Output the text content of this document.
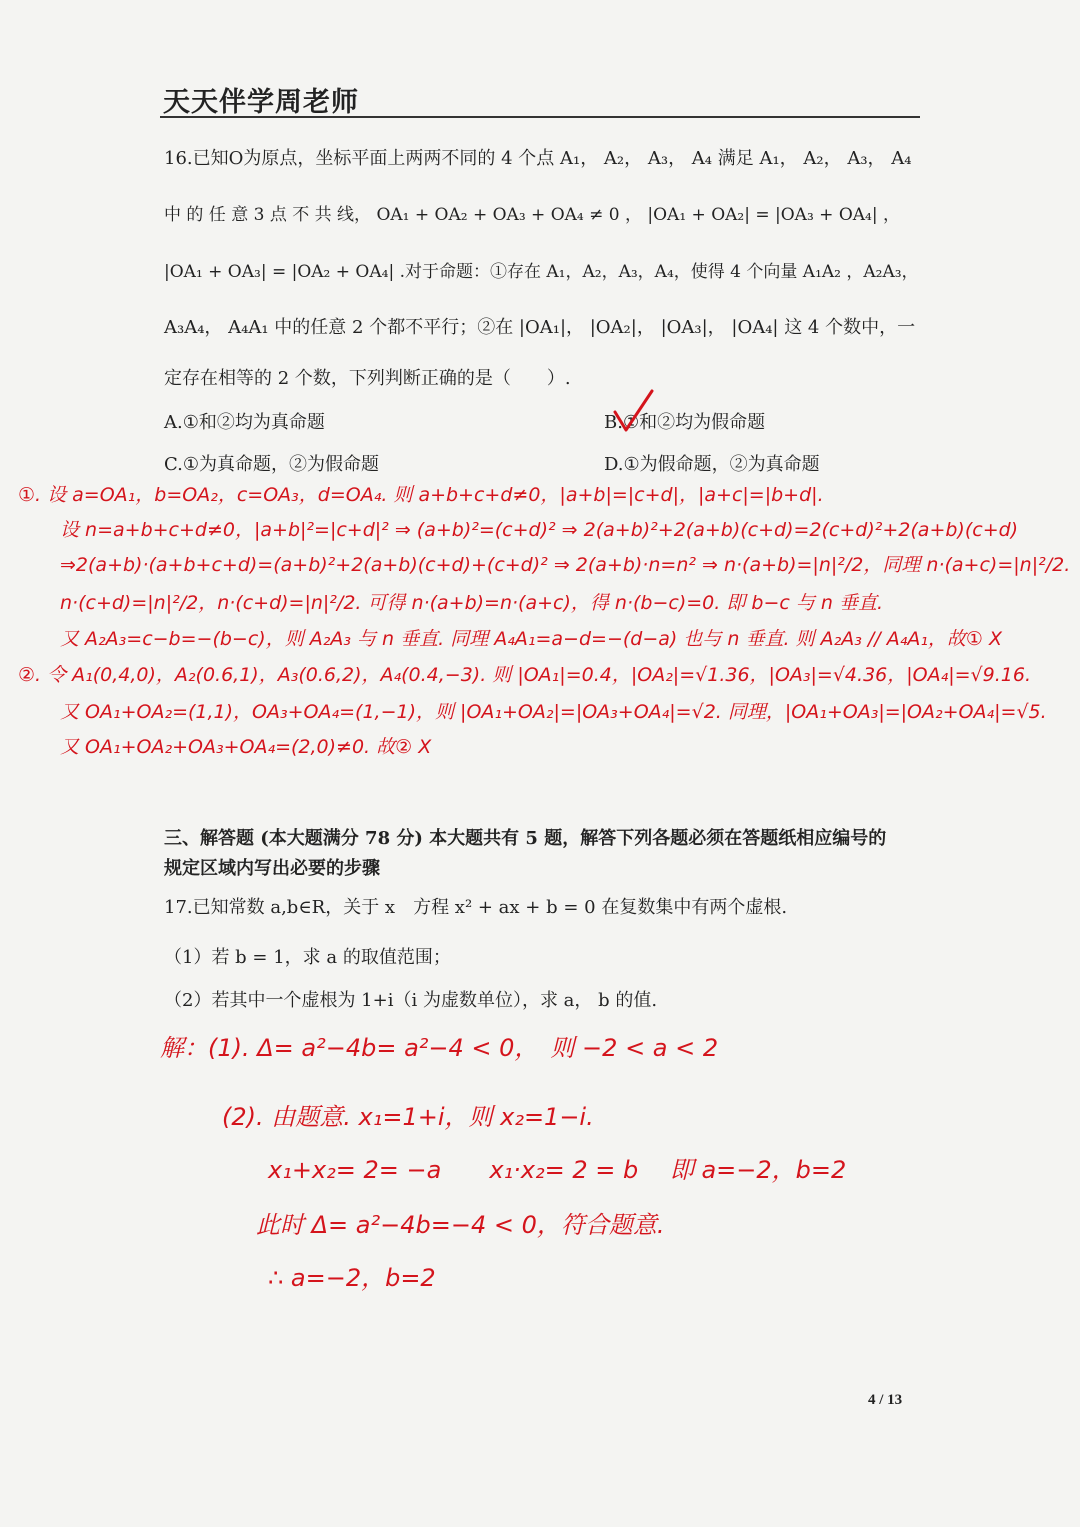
天天伴学周老师
16.已知O为原点，坐标平面上两两不同的 4 个点 A₁， A₂， A₃， A₄ 满足 A₁， A₂， A₃， A₄
中 的 任 意 3 点 不 共 线， OA₁ + OA₂ + OA₃ + OA₄ ≠ 0 ， |OA₁ + OA₂| = |OA₃ + OA₄| ，
|OA₁ + OA₃| = |OA₂ + OA₄| .对于命题：①存在 A₁，A₂，A₃，A₄，使得 4 个向量 A₁A₂ ，A₂A₃，
A₃A₄， A₄A₁ 中的任意 2 个都不平行；②在 |OA₁|， |OA₂|， |OA₃|， |OA₄| 这 4 个数中，一
定存在相等的 2 个数，下列判断正确的是（　　）.
A.①和②均为真命题	B.①和②均为假命题
C.①为真命题，②为假命题	D.①为假命题，②为真命题
①. 设 a=OA₁，b=OA₂，c=OA₃，d=OA₄. 则 a+b+c+d≠0，|a+b|=|c+d|，|a+c|=|b+d|.
设 n=a+b+c+d≠0，|a+b|²=|c+d|² ⇒ (a+b)²=(c+d)² ⇒ 2(a+b)²+2(a+b)(c+d)=2(c+d)²+2(a+b)(c+d)
⇒2(a+b)·(a+b+c+d)=(a+b)²+2(a+b)(c+d)+(c+d)² ⇒ 2(a+b)·n=n² ⇒ n·(a+b)=|n|²/2，同理 n·(a+c)=|n|²/2.
n·(c+d)=|n|²/2，n·(c+d)=|n|²/2. 可得 n·(a+b)=n·(a+c)，得 n·(b−c)=0. 即 b−c 与 n 垂直.
又 A₂A₃=c−b=−(b−c)，则 A₂A₃ 与 n 垂直. 同理 A₄A₁=a−d=−(d−a) 也与 n 垂直. 则 A₂A₃ // A₄A₁，故① X
②. 令 A₁(0,4,0)，A₂(0.6,1)，A₃(0.6,2)，A₄(0.4,−3). 则 |OA₁|=0.4，|OA₂|=√1.36，|OA₃|=√4.36，|OA₄|=√9.16.
又 OA₁+OA₂=(1,1)，OA₃+OA₄=(1,−1)，则 |OA₁+OA₂|=|OA₃+OA₄|=√2. 同理，|OA₁+OA₃|=|OA₂+OA₄|=√5.
又 OA₁+OA₂+OA₃+OA₄=(2,0)≠0. 故② X
三、解答题 (本大题满分 78 分) 本大题共有 5 题，解答下列各题必须在答题纸相应编号的
规定区域内写出必要的步骤
17.已知常数 a,b∈R，关于 x　方程 x² + ax + b = 0 在复数集中有两个虚根.
（1）若 b = 1，求 a 的取值范围；
（2）若其中一个虚根为 1+i（i 为虚数单位），求 a， b 的值.
解：(1). Δ= a²−4b= a²−4 < 0，　则 −2 < a < 2
(2). 由题意. x₁=1+i，则 x₂=1−i.
x₁+x₂= 2= −a　　x₁·x₂= 2 = b　 即 a=−2，b=2
此时 Δ= a²−4b=−4 < 0，符合题意.
∴ a=−2，b=2
4 / 13
